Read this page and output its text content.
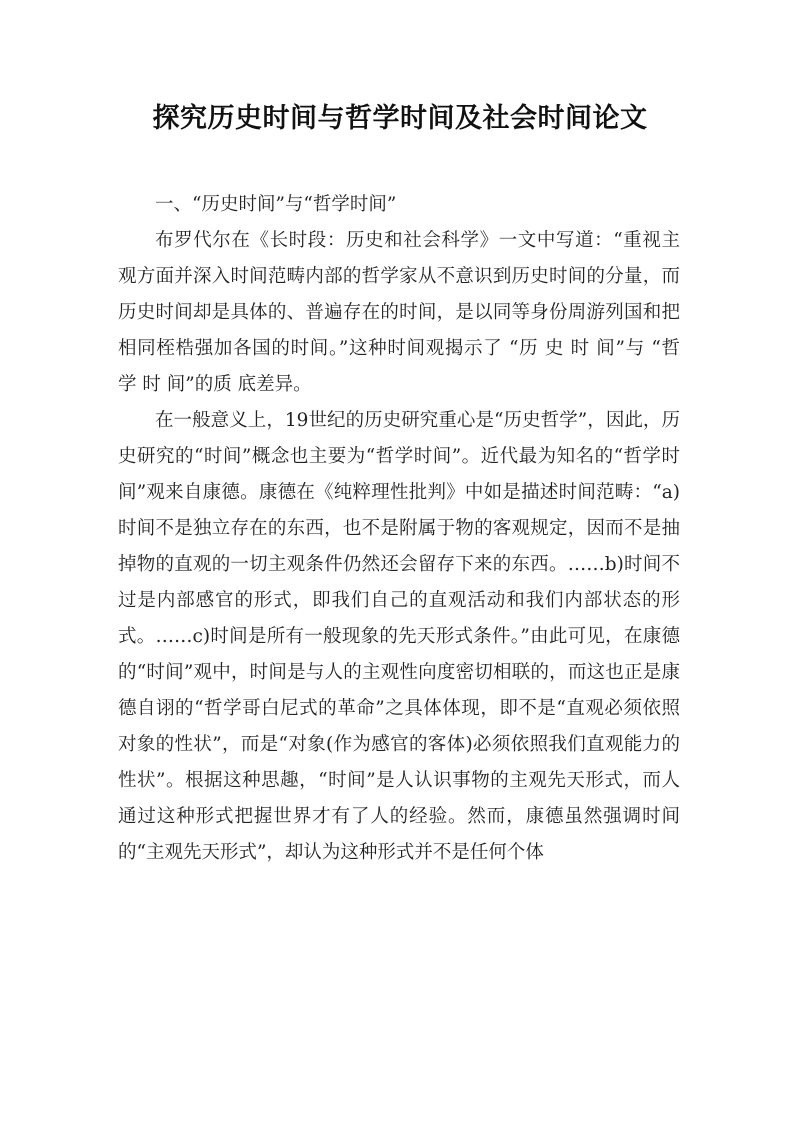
探究历史时间与哲学时间及社会时间论文

一、“历史时间”与“哲学时间”

布罗代尔在《长时段：历史和社会科学》一文中写道：“重视主观方面并深入时间范畴内部的哲学家从不意识到历史时间的分量，而历史时间却是具体的、普遍存在的时间，是以同等身份周游列国和把相同桎梏强加各国的时间。”这种时间观揭示了 “历 史 时 间”与 “哲 学 时 间”的质 底差异。

在一般意义上，19世纪的历史研究重心是“历史哲学”，因此，历史研究的“时间”概念也主要为“哲学时间”。近代最为知名的“哲学时间”观来自康德。康德在《纯粹理性批判》中如是描述时间范畴：“a)时间不是独立存在的东西，也不是附属于物的客观规定，因而不是抽掉物的直观的一切主观条件仍然还会留存下来的东西。……b)时间不过是内部感官的形式，即我们自己的直观活动和我们内部状态的形式。……c)时间是所有一般现象的先天形式条件。”由此可见，在康德的“时间”观中，时间是与人的主观性向度密切相联的，而这也正是康德自诩的“哲学哥白尼式的革命”之具体体现，即不是“直观必须依照对象的性状”，而是“对象(作为感官的客体)必须依照我们直观能力的性状”。根据这种思趣，“时间”是人认识事物的主观先天形式，而人通过这种形式把握世界才有了人的经验。然而，康德虽然强调时间的“主观先天形式”，却认为这种形式并不是任何个体
